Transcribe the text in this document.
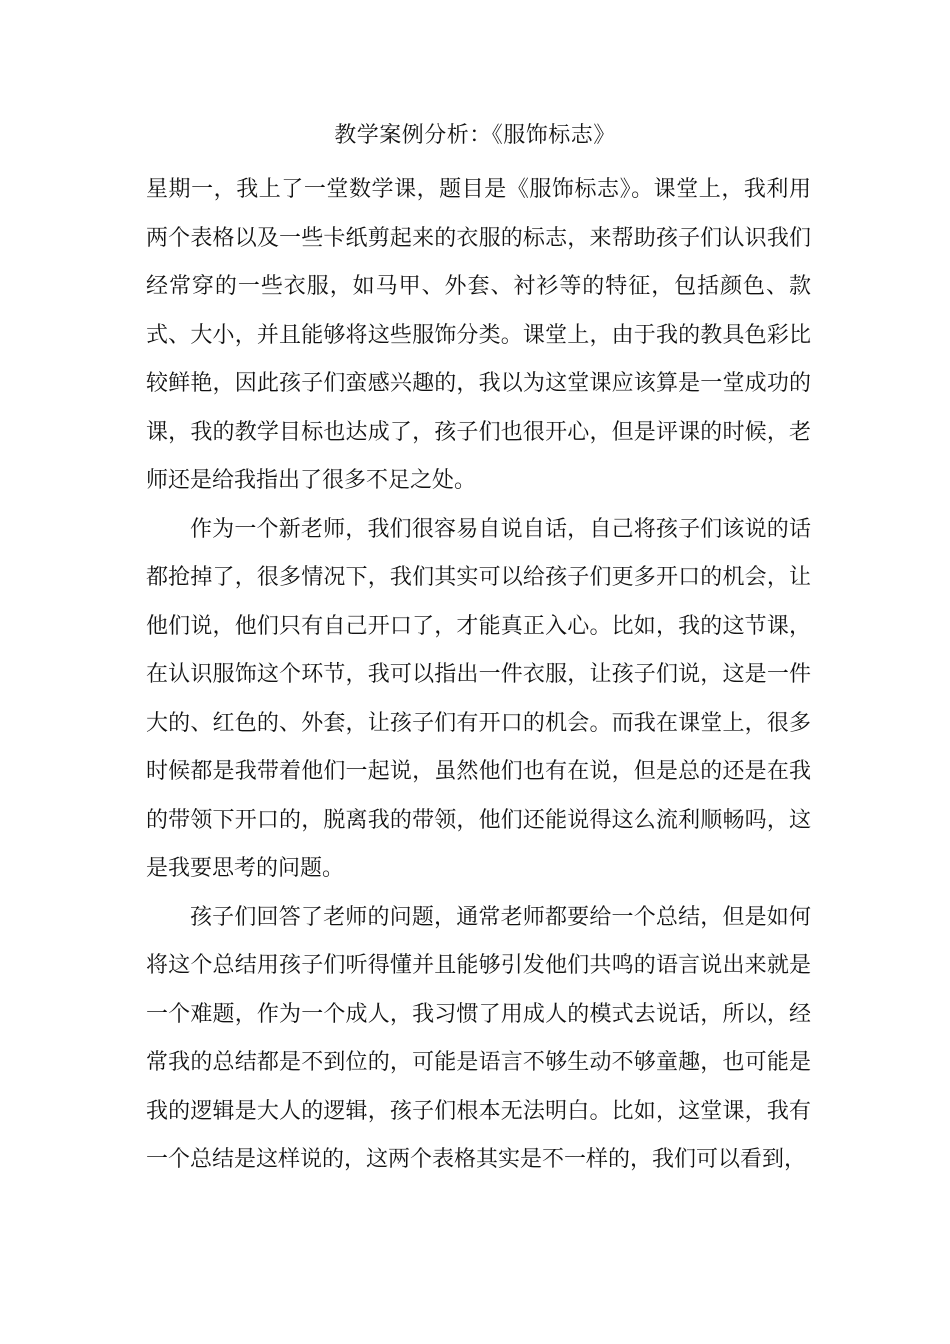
教学案例分析：《服饰标志》

星期一，我上了一堂数学课，题目是《服饰标志》。课堂上，我利用两个表格以及一些卡纸剪起来的衣服的标志，来帮助孩子们认识我们经常穿的一些衣服，如马甲、外套、衬衫等的特征，包括颜色、款式、大小，并且能够将这些服饰分类。课堂上，由于我的教具色彩比较鲜艳，因此孩子们蛮感兴趣的，我以为这堂课应该算是一堂成功的课，我的教学目标也达成了，孩子们也很开心，但是评课的时候，老师还是给我指出了很多不足之处。

作为一个新老师，我们很容易自说自话，自己将孩子们该说的话都抢掉了，很多情况下，我们其实可以给孩子们更多开口的机会，让他们说，他们只有自己开口了，才能真正入心。比如，我的这节课，在认识服饰这个环节，我可以指出一件衣服，让孩子们说，这是一件大的、红色的、外套，让孩子们有开口的机会。而我在课堂上，很多时候都是我带着他们一起说，虽然他们也有在说，但是总的还是在我的带领下开口的，脱离我的带领，他们还能说得这么流利顺畅吗，这是我要思考的问题。

孩子们回答了老师的问题，通常老师都要给一个总结，但是如何将这个总结用孩子们听得懂并且能够引发他们共鸣的语言说出来就是一个难题，作为一个成人，我习惯了用成人的模式去说话，所以，经常我的总结都是不到位的，可能是语言不够生动不够童趣，也可能是我的逻辑是大人的逻辑，孩子们根本无法明白。比如，这堂课，我有一个总结是这样说的，这两个表格其实是不一样的，我们可以看到，
